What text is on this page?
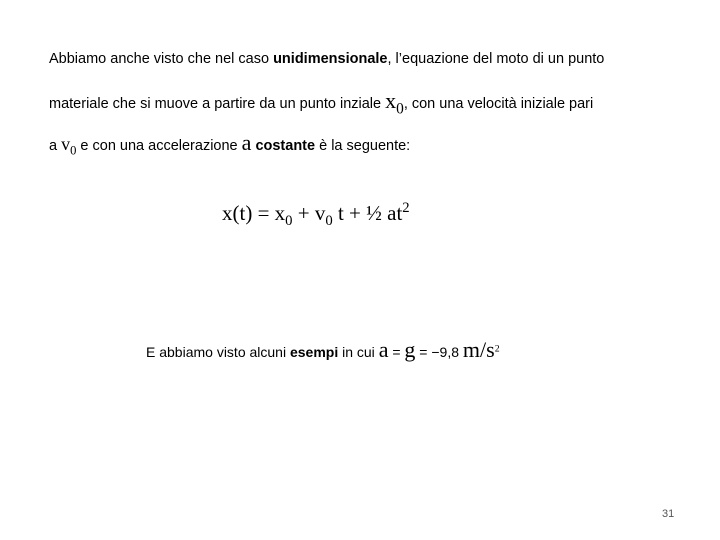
Abbiamo anche visto che nel caso unidimensionale, l’equazione del moto di un punto
materiale che si muove a partire da un punto inziale $x_0$, con una velocità iniziale pari
a $v_0$ e con una accelerazione a costante è la seguente:
$x(t) = x_0 + v_0$ t + ½ $at^2$
E abbiamo visto alcuni esempi in cui a = g = −9,8 $m/s^2$
31
